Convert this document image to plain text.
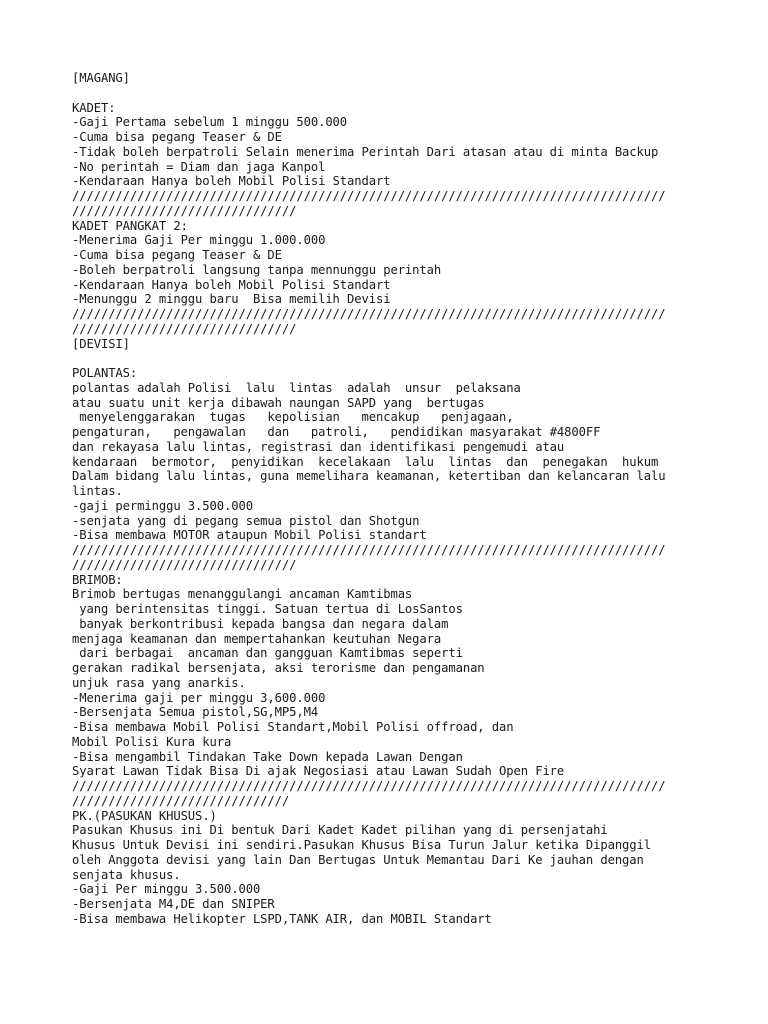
[MAGANG]
KADET:
-Gaji Pertama sebelum 1 minggu 500.000
-Cuma bisa pegang Teaser & DE
-Tidak boleh berpatroli Selain menerima Perintah Dari atasan atau di minta Backup
-No perintah = Diam dan jaga Kanpol
-Kendaraan Hanya boleh Mobil Polisi Standart
//////////////////////////////////////////////////////////////////////////////////
///////////////////////////////
KADET PANGKAT 2:
-Menerima Gaji Per minggu 1.000.000
-Cuma bisa pegang Teaser & DE
-Boleh berpatroli langsung tanpa mennunggu perintah
-Kendaraan Hanya boleh Mobil Polisi Standart
-Menunggu 2 minggu baru  Bisa memilih Devisi
//////////////////////////////////////////////////////////////////////////////////
///////////////////////////////
[DEVISI]
POLANTAS:
polantas adalah Polisi  lalu  lintas  adalah  unsur  pelaksana
atau suatu unit kerja dibawah naungan SAPD yang  bertugas
menyelenggarakan  tugas   kepolisian   mencakup   penjagaan,
pengaturan,   pengawalan   dan   patroli,   pendidikan masyarakat #4800FF
dan rekayasa lalu lintas, registrasi dan identifikasi pengemudi atau
kendaraan  bermotor,  penyidikan  kecelakaan  lalu  lintas  dan  penegakan  hukum
Dalam bidang lalu lintas, guna memelihara keamanan, ketertiban dan kelancaran lalu
lintas.
-gaji perminggu 3.500.000
-senjata yang di pegang semua pistol dan Shotgun
-Bisa membawa MOTOR ataupun Mobil Polisi standart
//////////////////////////////////////////////////////////////////////////////////
///////////////////////////////
BRIMOB:
Brimob bertugas menanggulangi ancaman Kamtibmas
yang berintensitas tinggi. Satuan tertua di LosSantos
banyak berkontribusi kepada bangsa dan negara dalam
menjaga keamanan dan mempertahankan keutuhan Negara
dari berbagai  ancaman dan gangguan Kamtibmas seperti
gerakan radikal bersenjata, aksi terorisme dan pengamanan
unjuk rasa yang anarkis.
-Menerima gaji per minggu 3,600.000
-Bersenjata Semua pistol,SG,MP5,M4
-Bisa membawa Mobil Polisi Standart,Mobil Polisi offroad, dan
Mobil Polisi Kura kura
-Bisa mengambil Tindakan Take Down kepada Lawan Dengan
Syarat Lawan Tidak Bisa Di ajak Negosiasi atau Lawan Sudah Open Fire
//////////////////////////////////////////////////////////////////////////////////
//////////////////////////////
PK.(PASUKAN KHUSUS.)
Pasukan Khusus ini Di bentuk Dari Kadet Kadet pilihan yang di persenjatahi
Khusus Untuk Devisi ini sendiri.Pasukan Khusus Bisa Turun Jalur ketika Dipanggil
oleh Anggota devisi yang lain Dan Bertugas Untuk Memantau Dari Ke jauhan dengan
senjata khusus.
-Gaji Per minggu 3.500.000
-Bersenjata M4,DE dan SNIPER
-Bisa membawa Helikopter LSPD,TANK AIR, dan MOBIL Standart
